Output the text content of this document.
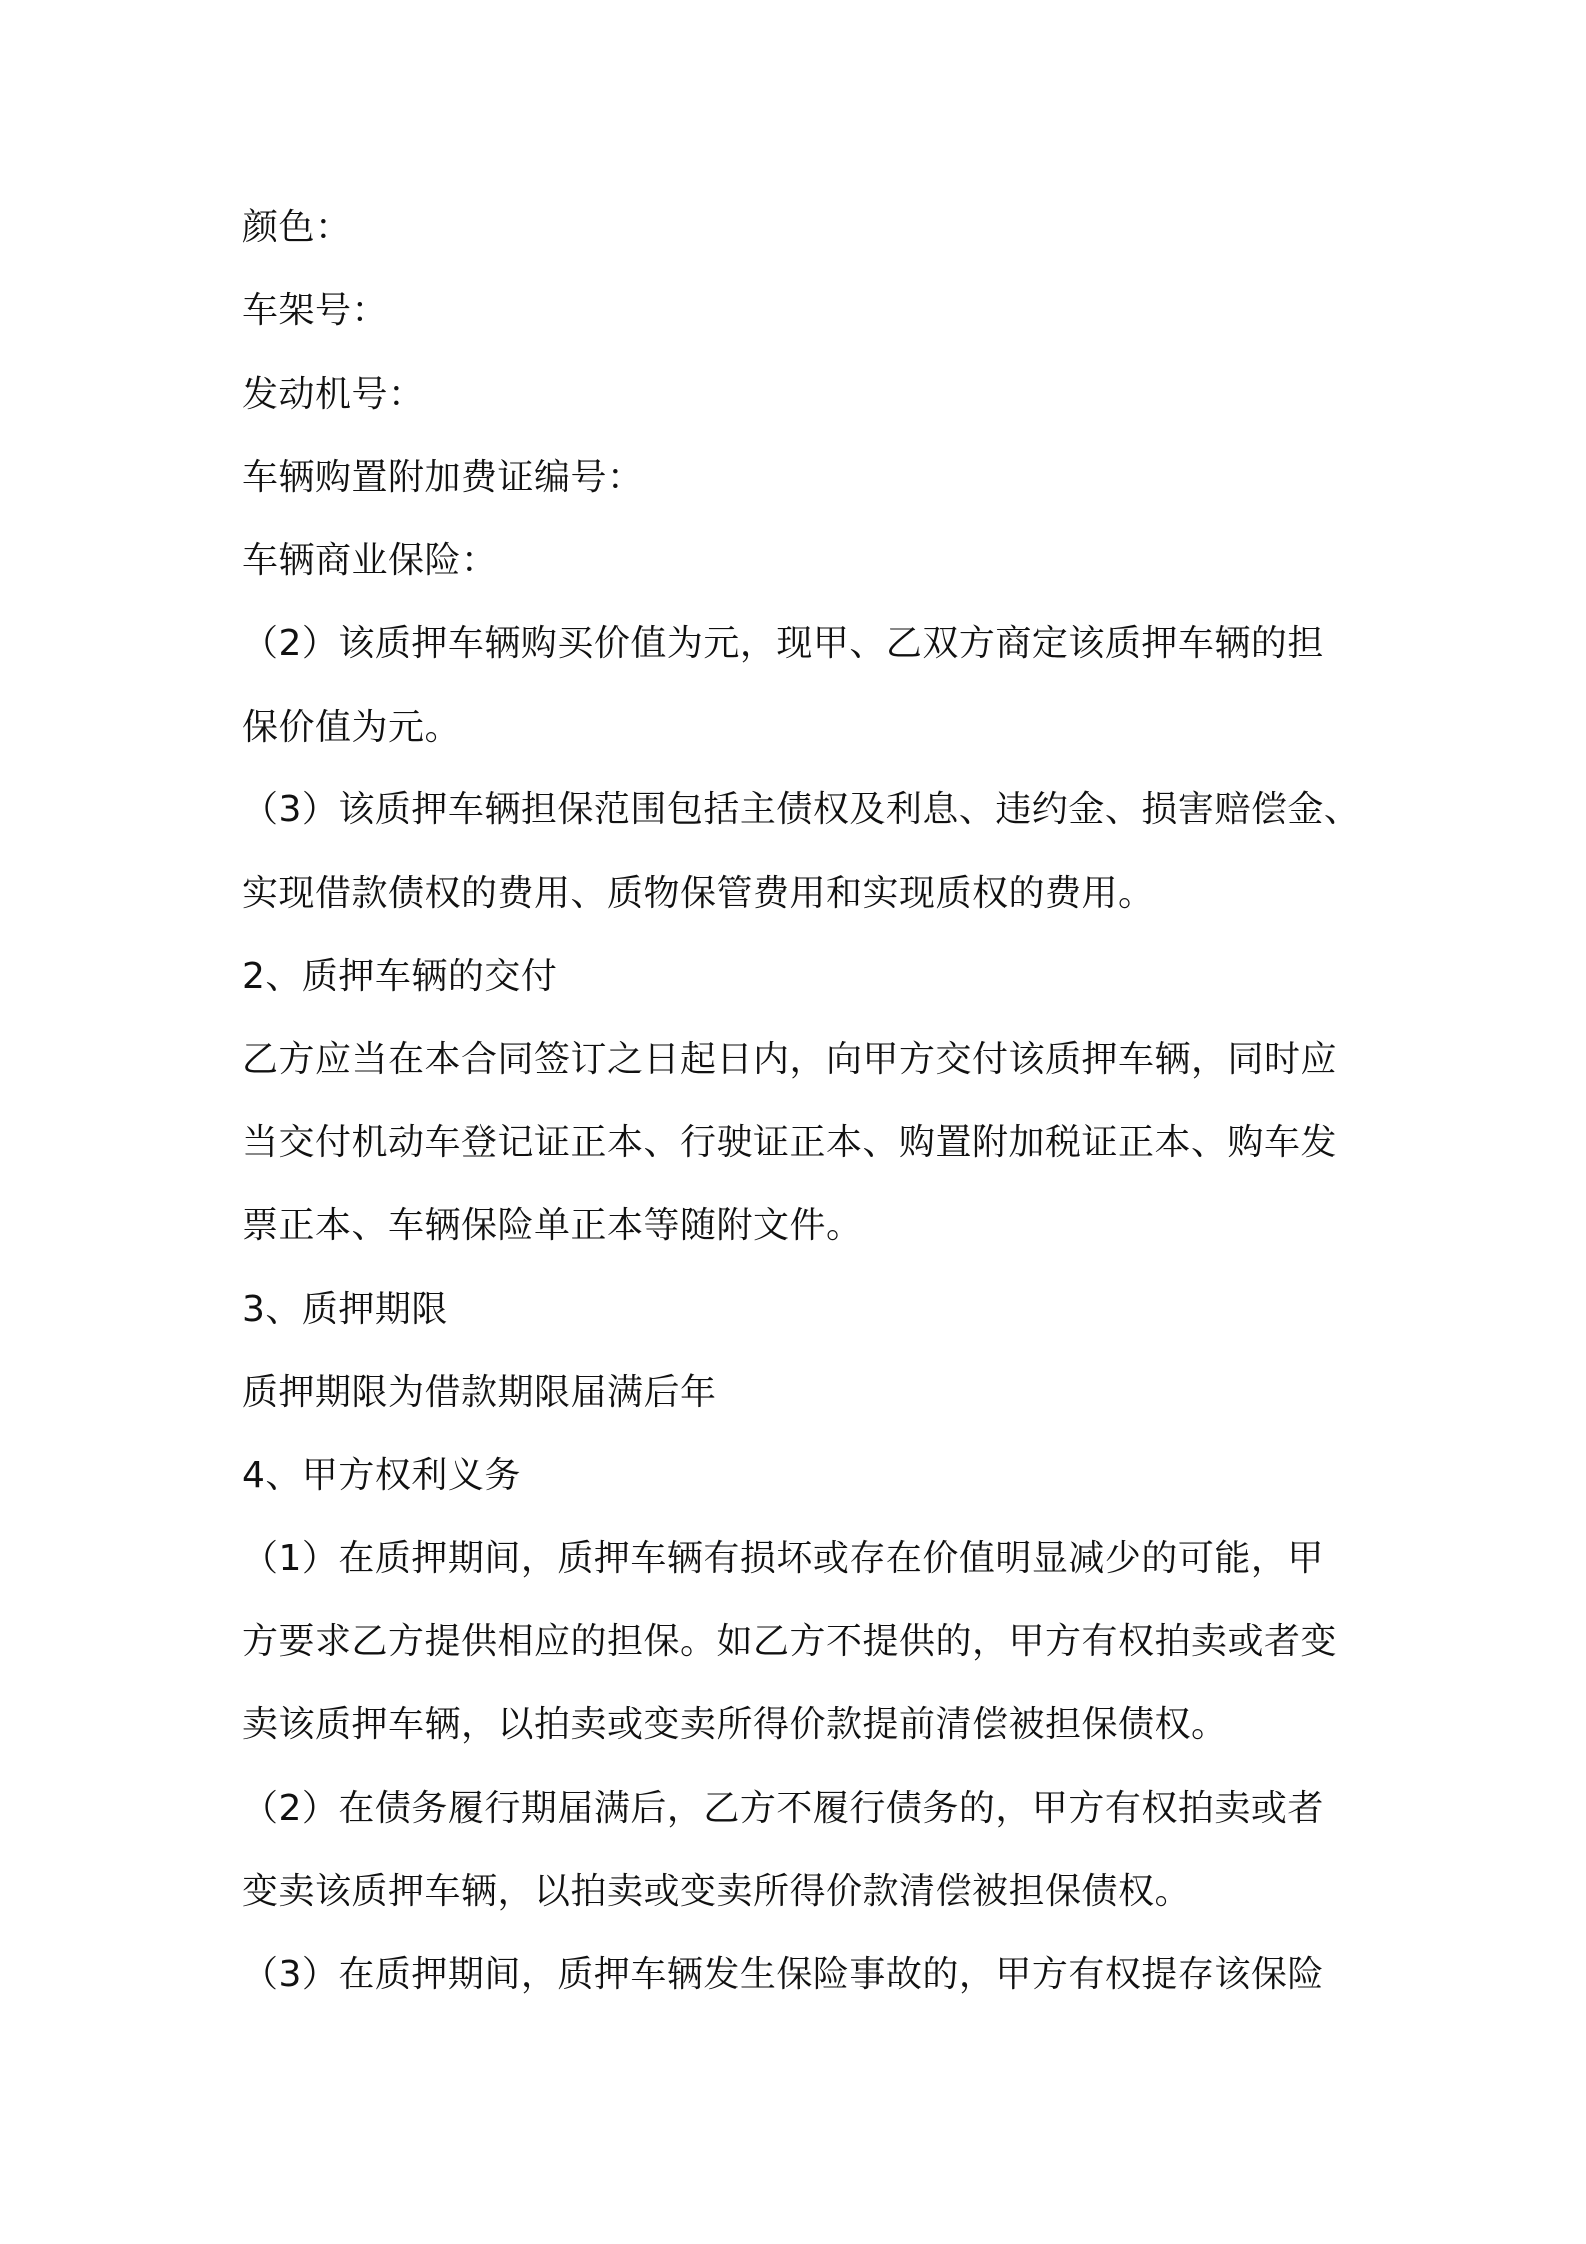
颜色：
车架号：
发动机号：
车辆购置附加费证编号：
车辆商业保险：
（2）该质押车辆购买价值为元，现甲、乙双方商定该质押车辆的担
保价值为元。
（3）该质押车辆担保范围包括主债权及利息、违约金、损害赔偿金、
实现借款债权的费用、质物保管费用和实现质权的费用。
2、质押车辆的交付
乙方应当在本合同签订之日起日内，向甲方交付该质押车辆，同时应
当交付机动车登记证正本、行驶证正本、购置附加税证正本、购车发
票正本、车辆保险单正本等随附文件。
3、质押期限
质押期限为借款期限届满后年
4、甲方权利义务
（1）在质押期间，质押车辆有损坏或存在价值明显减少的可能，甲
方要求乙方提供相应的担保。如乙方不提供的，甲方有权拍卖或者变
卖该质押车辆，以拍卖或变卖所得价款提前清偿被担保债权。
（2）在债务履行期届满后，乙方不履行债务的，甲方有权拍卖或者
变卖该质押车辆，以拍卖或变卖所得价款清偿被担保债权。
（3）在质押期间，质押车辆发生保险事故的，甲方有权提存该保险
